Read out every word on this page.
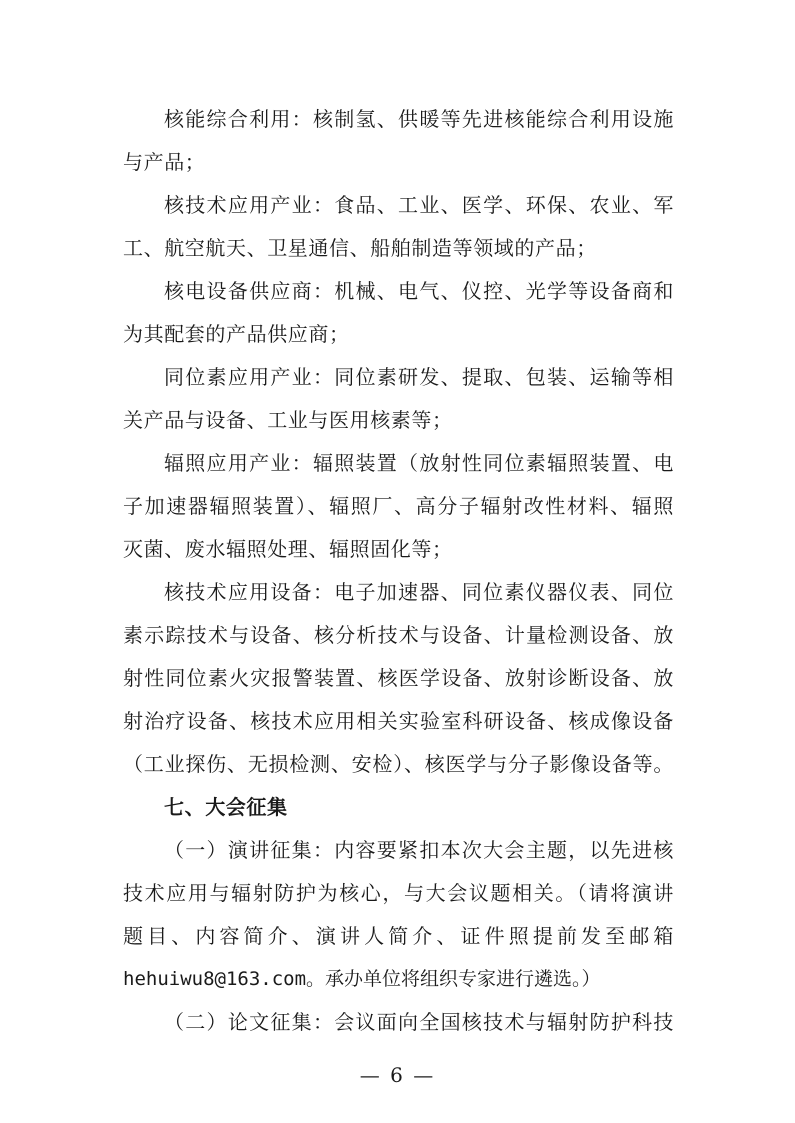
核能综合利用：核制氢、供暖等先进核能综合利用设施
与产品；
核技术应用产业：食品、工业、医学、环保、农业、军
工、航空航天、卫星通信、船舶制造等领域的产品；
核电设备供应商：机械、电气、仪控、光学等设备商和
为其配套的产品供应商；
同位素应用产业：同位素研发、提取、包装、运输等相
关产品与设备、工业与医用核素等；
辐照应用产业：辐照装置（放射性同位素辐照装置、电
子加速器辐照装置）、辐照厂、高分子辐射改性材料、辐照
灭菌、废水辐照处理、辐照固化等；
核技术应用设备：电子加速器、同位素仪器仪表、同位
素示踪技术与设备、核分析技术与设备、计量检测设备、放
射性同位素火灾报警装置、核医学设备、放射诊断设备、放
射治疗设备、核技术应用相关实验室科研设备、核成像设备
（工业探伤、无损检测、安检）、核医学与分子影像设备等。
七、大会征集
（一）演讲征集：内容要紧扣本次大会主题，以先进核
技术应用与辐射防护为核心，与大会议题相关。（请将演讲
题目、内容简介、演讲人简介、证件照提前发至邮箱
hehuiwu8@163.com。承办单位将组织专家进行遴选。）
（二）论文征集：会议面向全国核技术与辐射防护科技
— 6 —
